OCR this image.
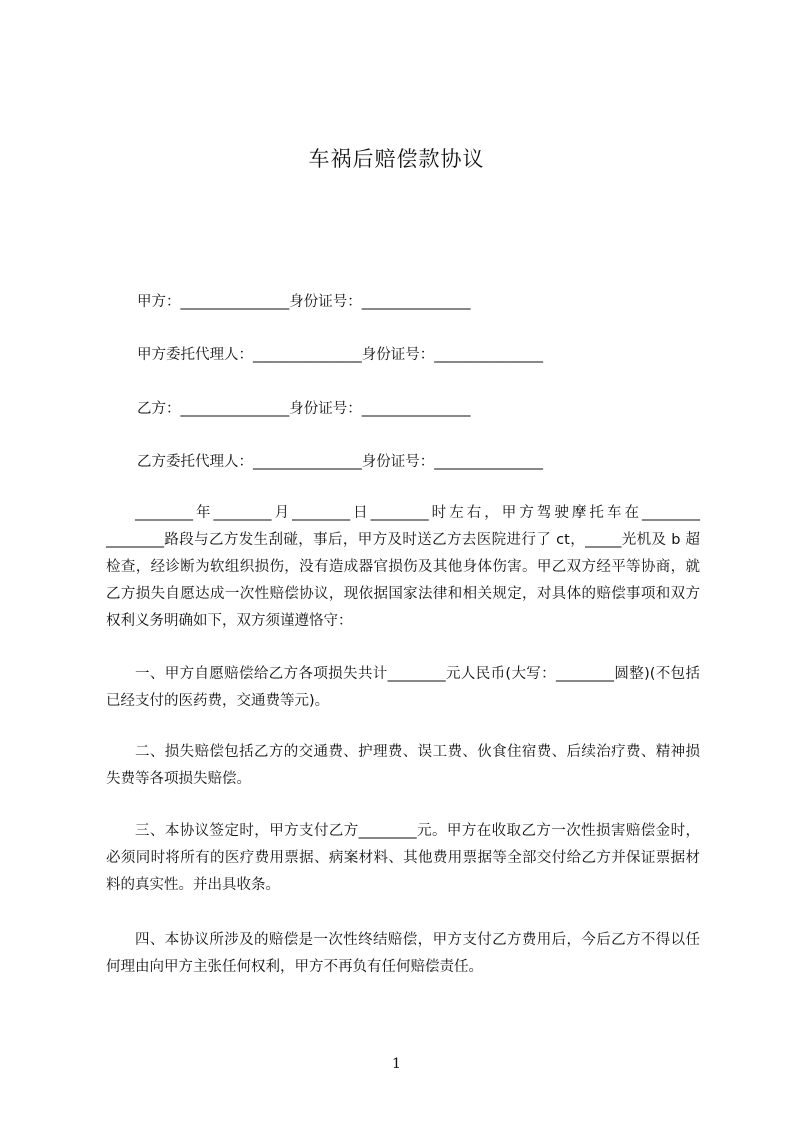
车祸后赔偿款协议
甲方：_______________身份证号：_______________
甲方委托代理人：_______________身份证号：_______________
乙方：_______________身份证号：_______________
乙方委托代理人：_______________身份证号：_______________

________年________月________日________时左右，甲方驾驶摩托车在________ ________路段与乙方发生刮碰，事后，甲方及时送乙方去医院进行了 ct，_____光机及 b 超检查，经诊断为软组织损伤，没有造成器官损伤及其他身体伤害。甲乙双方经平等协商，就乙方损失自愿达成一次性赔偿协议，现依据国家法律和相关规定，对具体的赔偿事项和双方权利义务明确如下，双方须谨遵恪守：

一、甲方自愿赔偿给乙方各项损失共计________元人民币(大写：________圆整)(不包括已经支付的医药费，交通费等元)。

二、损失赔偿包括乙方的交通费、护理费、误工费、伙食住宿费、后续治疗费、精神损失费等各项损失赔偿。

三、本协议签定时，甲方支付乙方________元。甲方在收取乙方一次性损害赔偿金时，必须同时将所有的医疗费用票据、病案材料、其他费用票据等全部交付给乙方并保证票据材料的真实性。并出具收条。

四、本协议所涉及的赔偿是一次性终结赔偿，甲方支付乙方费用后，今后乙方不得以任何理由向甲方主张任何权利，甲方不再负有任何赔偿责任。

1
